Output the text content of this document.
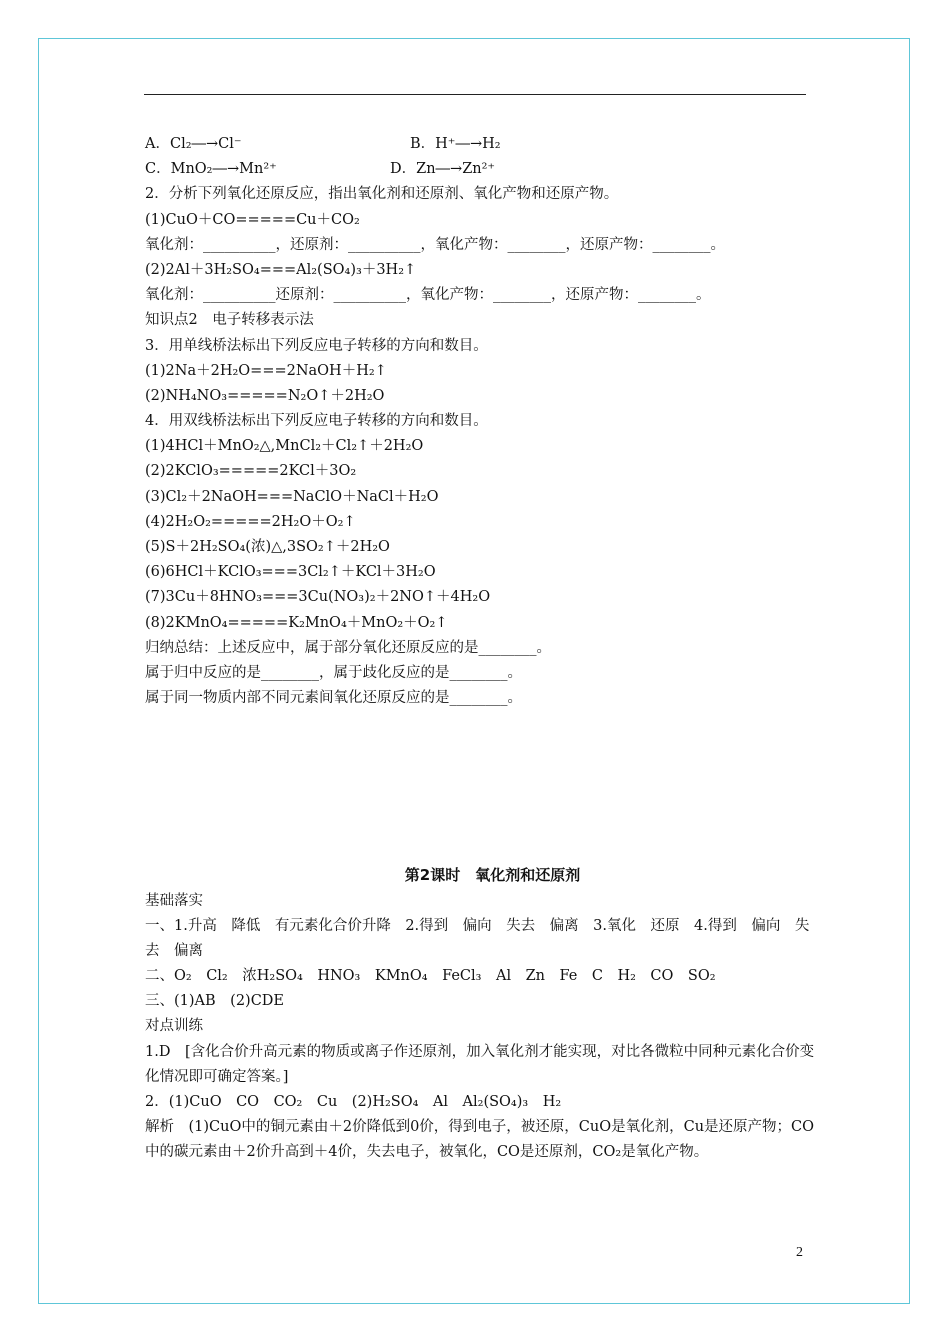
A．Cl₂―→Cl⁻	B．H⁺―→H₂
C．MnO₂―→Mn²⁺	D．Zn―→Zn²⁺
2．分析下列氧化还原反应，指出氧化剂和还原剂、氧化产物和还原产物。
(1)CuO＋CO=====Cu＋CO₂
氧化剂：__________，还原剂：__________，氧化产物：________，还原产物：________。
(2)2Al＋3H₂SO₄===Al₂(SO₄)₃＋3H₂↑
氧化剂：__________还原剂：__________，氧化产物：________，还原产物：________。
知识点2　电子转移表示法
3．用单线桥法标出下列反应电子转移的方向和数目。
(1)2Na＋2H₂O===2NaOH＋H₂↑
(2)NH₄NO₃=====N₂O↑＋2H₂O
4．用双线桥法标出下列反应电子转移的方向和数目。
(1)4HCl＋MnO₂△,MnCl₂＋Cl₂↑＋2H₂O
(2)2KClO₃=====2KCl＋3O₂
(3)Cl₂＋2NaOH===NaClO＋NaCl＋H₂O
(4)2H₂O₂=====2H₂O＋O₂↑
(5)S＋2H₂SO₄(浓)△,3SO₂↑＋2H₂O
(6)6HCl＋KClO₃===3Cl₂↑＋KCl＋3H₂O
(7)3Cu＋8HNO₃===3Cu(NO₃)₂＋2NO↑＋4H₂O
(8)2KMnO₄=====K₂MnO₄＋MnO₂＋O₂↑
归纳总结：上述反应中，属于部分氧化还原反应的是________。
属于归中反应的是________，属于歧化反应的是________。
属于同一物质内部不同元素间氧化还原反应的是________。
第2课时　氧化剂和还原剂
基础落实
一、1.升高　降低　有元素化合价升降　2.得到　偏向　失去　偏离　3.氧化　还原　4.得到　偏向　失去　偏离
二、O₂　Cl₂　浓H₂SO₄　HNO₃　KMnO₄　FeCl₃　Al　Zn　Fe　C　H₂　CO　SO₂
三、(1)AB　(2)CDE
对点训练
1.D　[含化合价升高元素的物质或离子作还原剂，加入氧化剂才能实现，对比各微粒中同种元素化合价变化情况即可确定答案。]
2．(1)CuO　CO　CO₂　Cu　(2)H₂SO₄　Al　Al₂(SO₄)₃　H₂
解析　(1)CuO中的铜元素由＋2价降低到0价，得到电子，被还原，CuO是氧化剂，Cu是还原产物；CO中的碳元素由＋2价升高到＋4价，失去电子，被氧化，CO是还原剂，CO₂是氧化产物。
2
